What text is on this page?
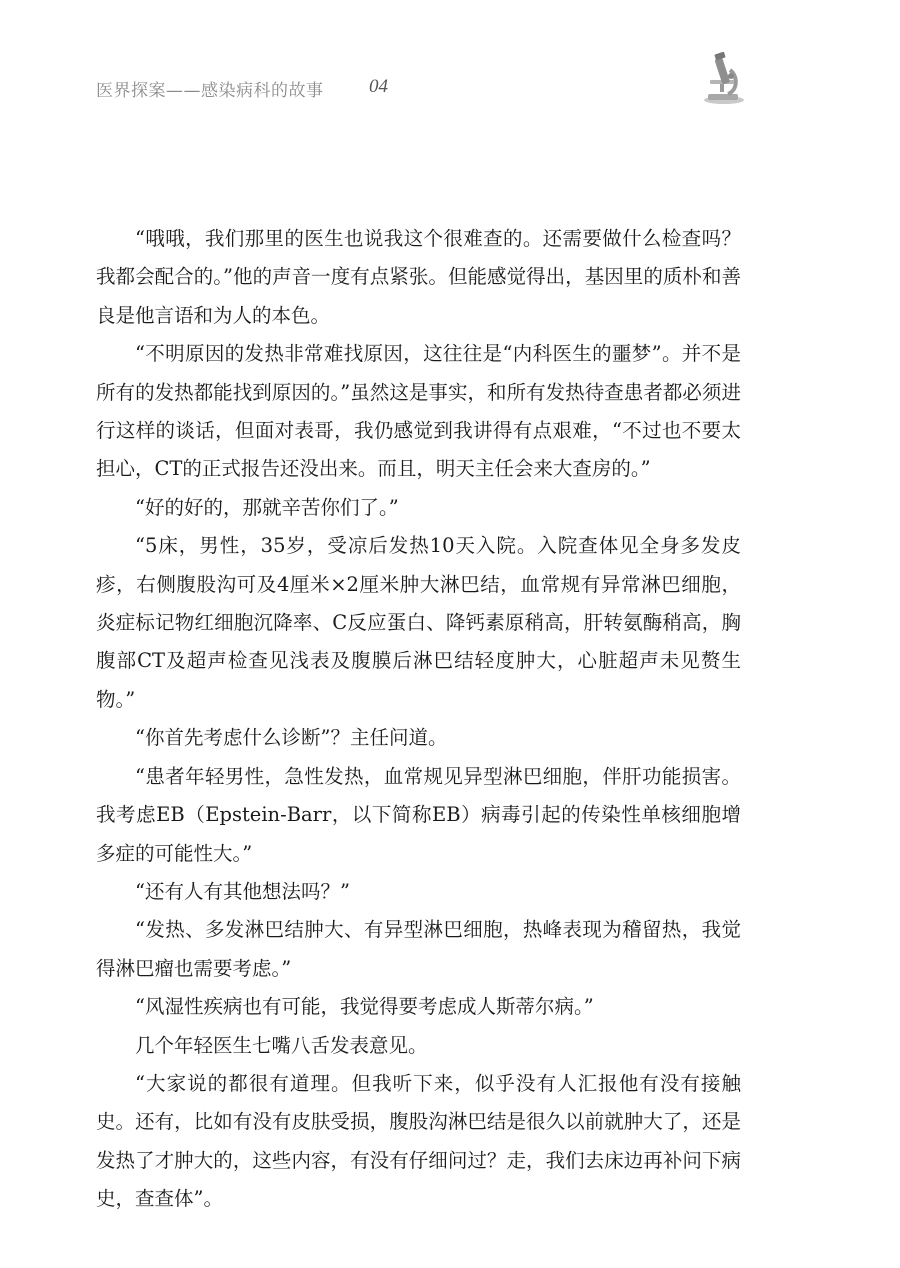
医界探案——感染病科的故事 04

“哦哦，我们那里的医生也说我这个很难查的。还需要做什么检查吗？我都会配合的。”他的声音一度有点紧张。但能感觉得出，基因里的质朴和善良是他言语和为人的本色。

“不明原因的发热非常难找原因，这往往是“内科医生的噩梦”。并不是所有的发热都能找到原因的。”虽然这是事实，和所有发热待查患者都必须进行这样的谈话，但面对表哥，我仍感觉到我讲得有点艰难，“不过也不要太担心，CT的正式报告还没出来。而且，明天主任会来大查房的。”

“好的好的，那就辛苦你们了。”

“5床，男性，35岁，受凉后发热10天入院。入院查体见全身多发皮疹，右侧腹股沟可及4厘米×2厘米肿大淋巴结，血常规有异常淋巴细胞，炎症标记物红细胞沉降率、C反应蛋白、降钙素原稍高，肝转氨酶稍高，胸腹部CT及超声检查见浅表及腹膜后淋巴结轻度肿大，心脏超声未见赘生物。”

“你首先考虑什么诊断”？主任问道。

“患者年轻男性，急性发热，血常规见异型淋巴细胞，伴肝功能损害。我考虑EB（Epstein-Barr，以下简称EB）病毒引起的传染性单核细胞增多症的可能性大。”

“还有人有其他想法吗？”

“发热、多发淋巴结肿大、有异型淋巴细胞，热峰表现为稽留热，我觉得淋巴瘤也需要考虑。”

“风湿性疾病也有可能，我觉得要考虑成人斯蒂尔病。”

几个年轻医生七嘴八舌发表意见。

“大家说的都很有道理。但我听下来，似乎没有人汇报他有没有接触史。还有，比如有没有皮肤受损，腹股沟淋巴结是很久以前就肿大了，还是发热了才肿大的，这些内容，有没有仔细问过？走，我们去床边再补问下病史，查查体”。
